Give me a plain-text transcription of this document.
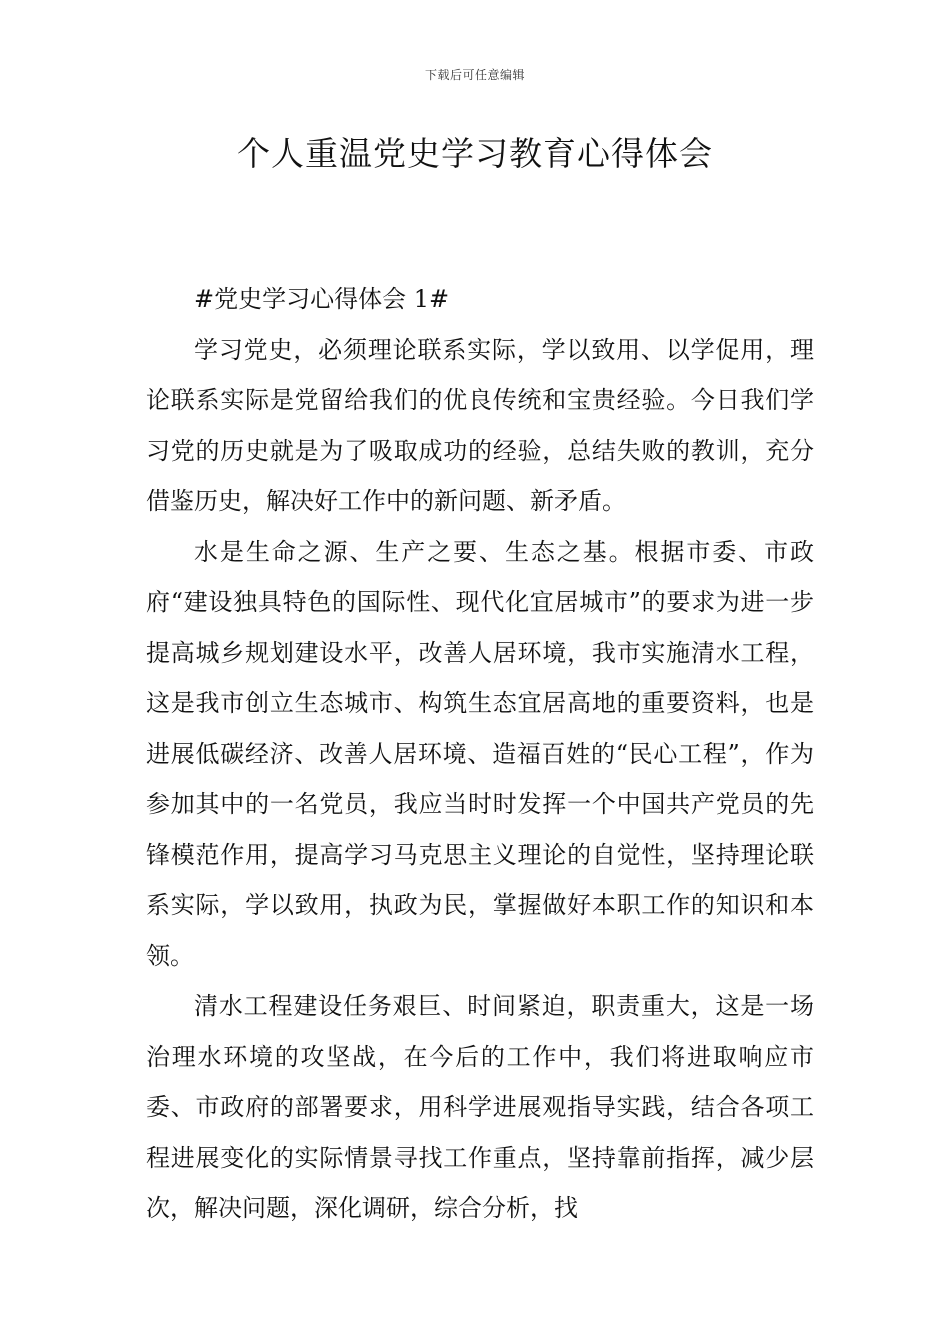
下载后可任意编辑
个人重温党史学习教育心得体会

#党史学习心得体会 1#

学习党史，必须理论联系实际，学以致用、以学促用，理论联系实际是党留给我们的优良传统和宝贵经验。今日我们学习党的历史就是为了吸取成功的经验，总结失败的教训，充分借鉴历史，解决好工作中的新问题、新矛盾。

水是生命之源、生产之要、生态之基。根据市委、市政府“建设独具特色的国际性、现代化宜居城市”的要求为进一步提高城乡规划建设水平，改善人居环境，我市实施清水工程，这是我市创立生态城市、构筑生态宜居高地的重要资料，也是进展低碳经济、改善人居环境、造福百姓的“民心工程”，作为参加其中的一名党员，我应当时时发挥一个中国共产党员的先锋模范作用，提高学习马克思主义理论的自觉性，坚持理论联系实际，学以致用，执政为民，掌握做好本职工作的知识和本领。

清水工程建设任务艰巨、时间紧迫，职责重大，这是一场治理水环境的攻坚战，在今后的工作中，我们将进取响应市委、市政府的部署要求，用科学进展观指导实践，结合各项工程进展变化的实际情景寻找工作重点，坚持靠前指挥，减少层次，解决问题，深化调研，综合分析，找
